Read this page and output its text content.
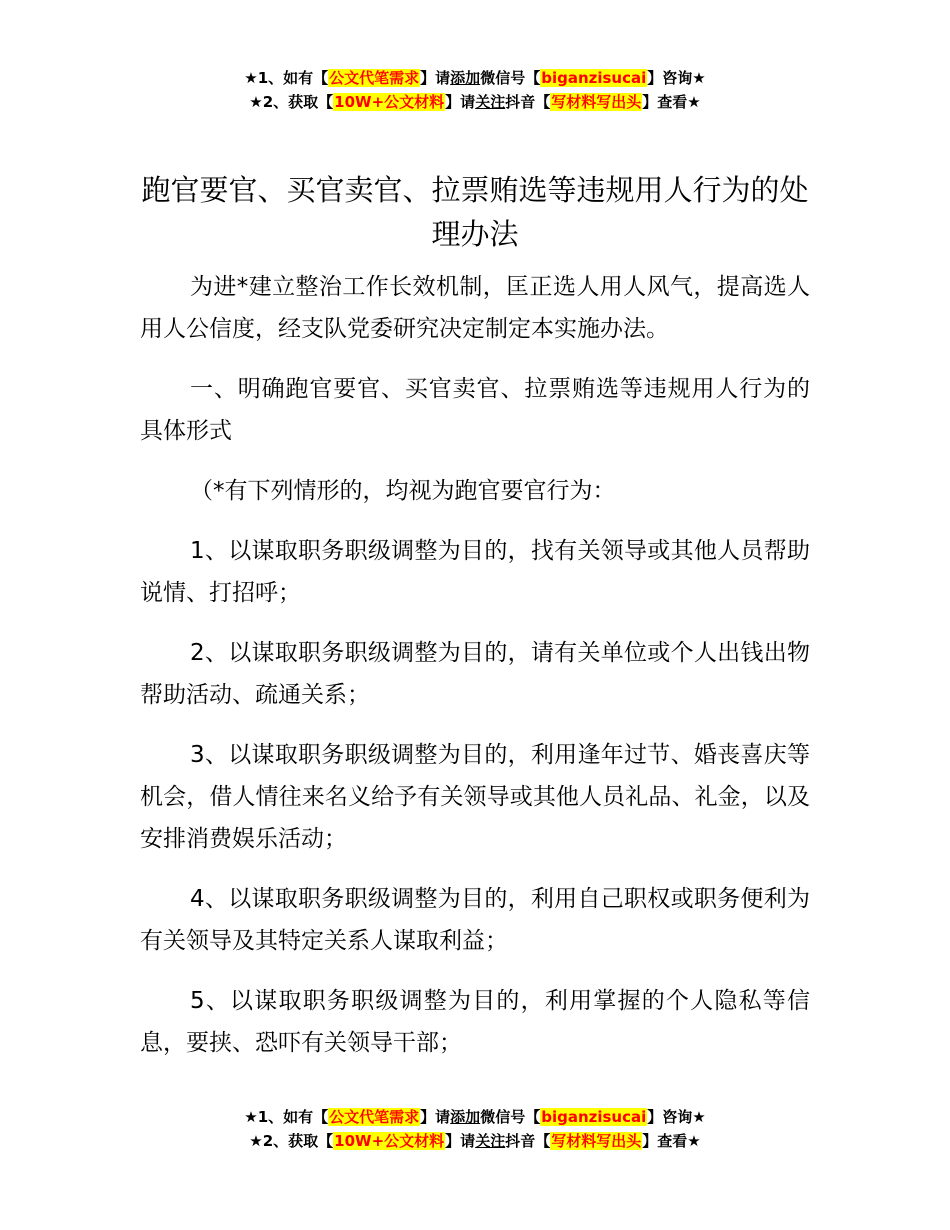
★1、如有【公文代笔需求】请添加微信号【biganzisucai】咨询★
★2、获取【10W+公文材料】请关注抖音【写材料写出头】查看★
跑官要官、买官卖官、拉票贿选等违规用人行为的处理办法

为进*建立整治工作长效机制，匡正选人用人风气，提高选人用人公信度，经支队党委研究决定制定本实施办法。

一、明确跑官要官、买官卖官、拉票贿选等违规用人行为的具体形式

（*有下列情形的，均视为跑官要官行为：

1、以谋取职务职级调整为目的，找有关领导或其他人员帮助说情、打招呼；

2、以谋取职务职级调整为目的，请有关单位或个人出钱出物帮助活动、疏通关系；

3、以谋取职务职级调整为目的，利用逢年过节、婚丧喜庆等机会，借人情往来名义给予有关领导或其他人员礼品、礼金，以及安排消费娱乐活动；

4、以谋取职务职级调整为目的，利用自己职权或职务便利为有关领导及其特定关系人谋取利益；

5、以谋取职务职级调整为目的，利用掌握的个人隐私等信息，要挟、恐吓有关领导干部；

★1、如有【公文代笔需求】请添加微信号【biganzisucai】咨询★
★2、获取【10W+公文材料】请关注抖音【写材料写出头】查看★
